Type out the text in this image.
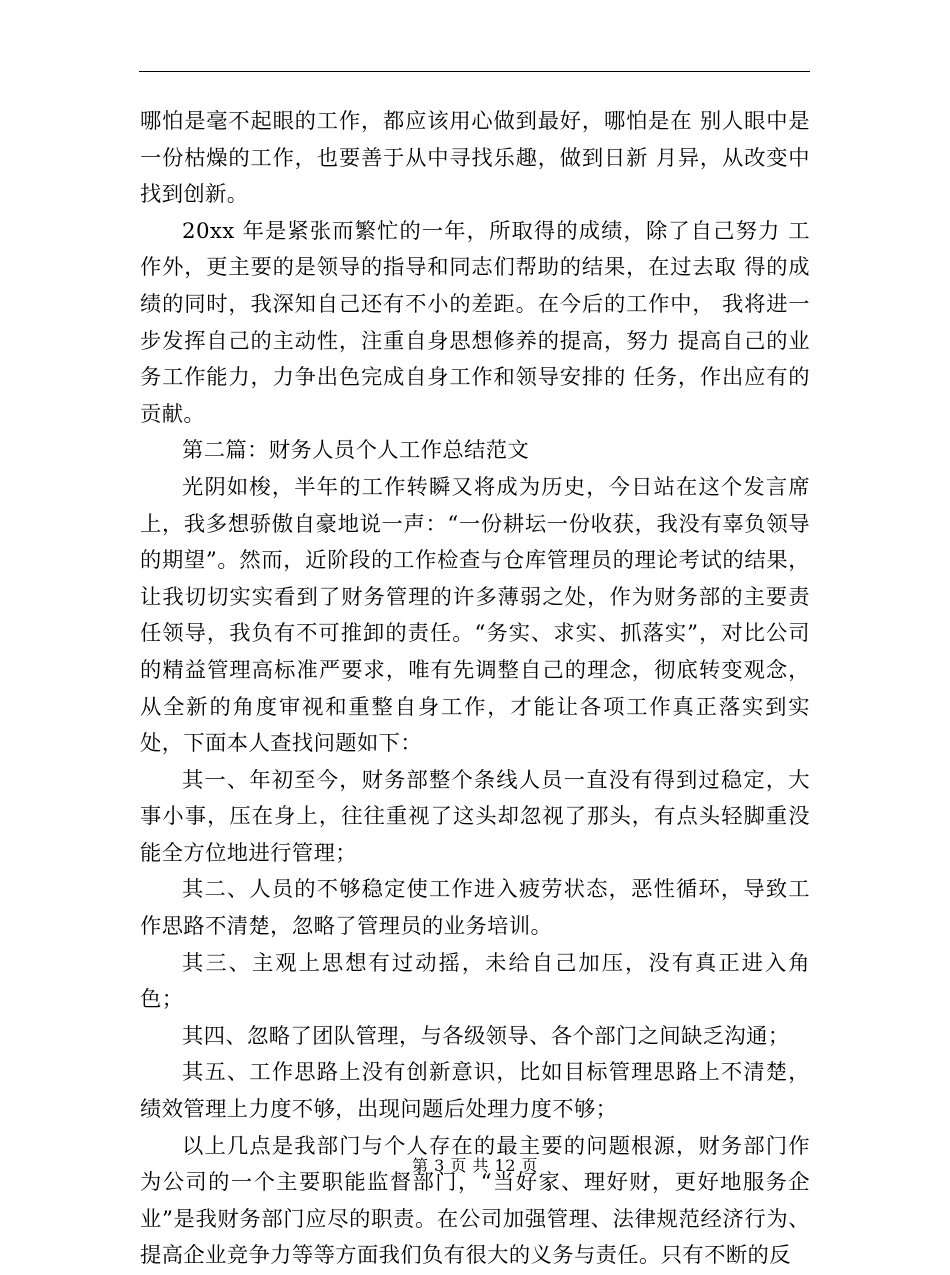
哪怕是毫不起眼的工作，都应该用心做到最好，哪怕是在 别人眼中是一份枯燥的工作，也要善于从中寻找乐趣，做到日新 月异，从改变中找到创新。

20xx 年是紧张而繁忙的一年，所取得的成绩，除了自己努力 工作外，更主要的是领导的指导和同志们帮助的结果，在过去取 得的成绩的同时，我深知自己还有不小的差距。在今后的工作中， 我将进一步发挥自己的主动性，注重自身思想修养的提高，努力 提高自己的业务工作能力，力争出色完成自身工作和领导安排的 任务，作出应有的贡献。

第二篇：财务人员个人工作总结范文

光阴如梭，半年的工作转瞬又将成为历史，今日站在这个发言席上，我多想骄傲自豪地说一声：“一份耕坛一份收获，我没有辜负领导的期望”。然而，近阶段的工作检查与仓库管理员的理论考试的结果，让我切切实实看到了财务管理的许多薄弱之处，作为财务部的主要责任领导，我负有不可推卸的责任。“务实、求实、抓落实”，对比公司的精益管理高标准严要求，唯有先调整自己的理念，彻底转变观念，从全新的角度审视和重整自身工作，才能让各项工作真正落实到实处，下面本人查找问题如下：

其一、年初至今，财务部整个条线人员一直没有得到过稳定，大事小事，压在身上，往往重视了这头却忽视了那头，有点头轻脚重没能全方位地进行管理；

其二、人员的不够稳定使工作进入疲劳状态，恶性循环，导致工作思路不清楚，忽略了管理员的业务培训。

其三、主观上思想有过动摇，未给自己加压，没有真正进入角色；

其四、忽略了团队管理，与各级领导、各个部门之间缺乏沟通；

其五、工作思路上没有创新意识，比如目标管理思路上不清楚，绩效管理上力度不够，出现问题后处理力度不够；

以上几点是我部门与个人存在的最主要的问题根源，财务部门作为公司的一个主要职能监督部门，“当好家、理好财，更好地服务企业”是我财务部门应尽的职责。在公司加强管理、法律规范经济行为、提高企业竞争力等等方面我们负有很大的义务与责任。只有不断的反

第 3 页 共 12 页
